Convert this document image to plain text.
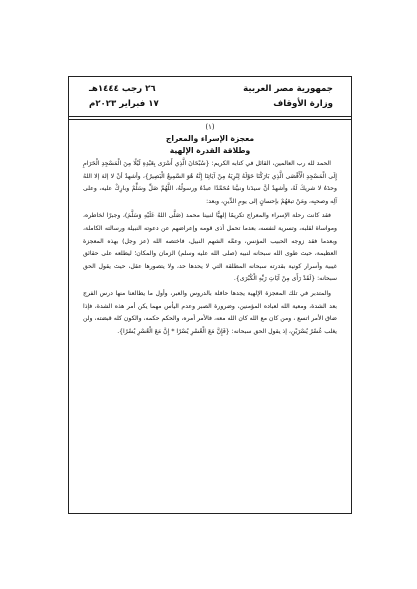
جمهورية مصر العربية
وزارة الأوقاف
٢٦ رجب ١٤٤٤هـ
١٧ فبراير ٢٠٢٣م
(١)
معجزة الإسراء والمعراج
وطلاقة القدرة الإلهية

الحمد لله رب العالمين، القائل في كتابه الكريم: {سُبْحَانَ الَّذِي أَسْرَى بِعَبْدِهِ لَيْلًا مِنَ الْمَسْجِدِ الْحَرَامِ إِلَى الْمَسْجِدِ الْأَقْصَى الَّذِي بَارَكْنَا حَوْلَهُ لِنُرِيَهُ مِنْ آيَاتِنَا إِنَّهُ هُوَ السَّمِيعُ الْبَصِيرُ}، وأشهدُ أنْ لا إلهَ إلا اللهُ وحدَهُ لا شريكَ لَهُ، وأشهدُ أنَّ سيدَنا ونبيَّنا مُحَمَّدًا عبدُهُ ورسولُهُ، اللَّهُمَّ صَلِّ وسَلِّمْ وبارِكْ عليه، وعلى آلِه وصحبِه، ومَنْ تبعَهُمْ بإحسانٍ إلى يومِ الدِّينِ، وبعد:

فقد كانت رحلة الإسراء والمعراج تكريمًا إلهيًّا لنبينا محمد (صَلَّى اللهُ عَلَيْهِ وَسَلَّمَ)، وجبرًا لخاطره، ومواساة لقلبه، وتسرية لنفسه، بعدما تحمل أذى قومه وإعراضهم عن دعوته النبيلة ورسالته الكاملة، وبعدما فقد زوجه الحبيب المؤنس، وعمَّه الشهم النبيل، فاختصه الله (عز وجل) بهذه المعجزة العظيمة، حيث طوى الله سبحانه لنبيه (صلى الله عليه وسلم) الزمان والمكان؛ ليطلعه على حقائق غيبية وأسرار كونية بقدرته سبحانه المطلقة التي لا يحدها حد، ولا يتصورها عقل، حيث يقول الحق سبحانه: {لَقَدْ رَأَى مِنْ آيَاتِ رَبِّهِ الْكُبْرَى}.

والمتدبر في تلك المعجزة الإلهية يجدها حافلة بالدروس والعبر، وأول ما يطالعنا منها درس الفرج بعد الشدة، ومعية الله لعباده المؤمنين، وضرورة الصبر وعدم اليأس مهما يكن أمر هذه الشدة، فإذا ضاق الأمر اتسع ، ومن كان مع الله كان الله معه، فالأمر أمره، والحكم حكمه، والكون كله قبضته، ولن يغلب عُسْرٌ يُسْرَيْنِ، إذ يقول الحق سبحانه: {فَإِنَّ مَعَ الْعُسْرِ يُسْرًا * إِنَّ مَعَ الْعُسْرِ يُسْرًا}.
